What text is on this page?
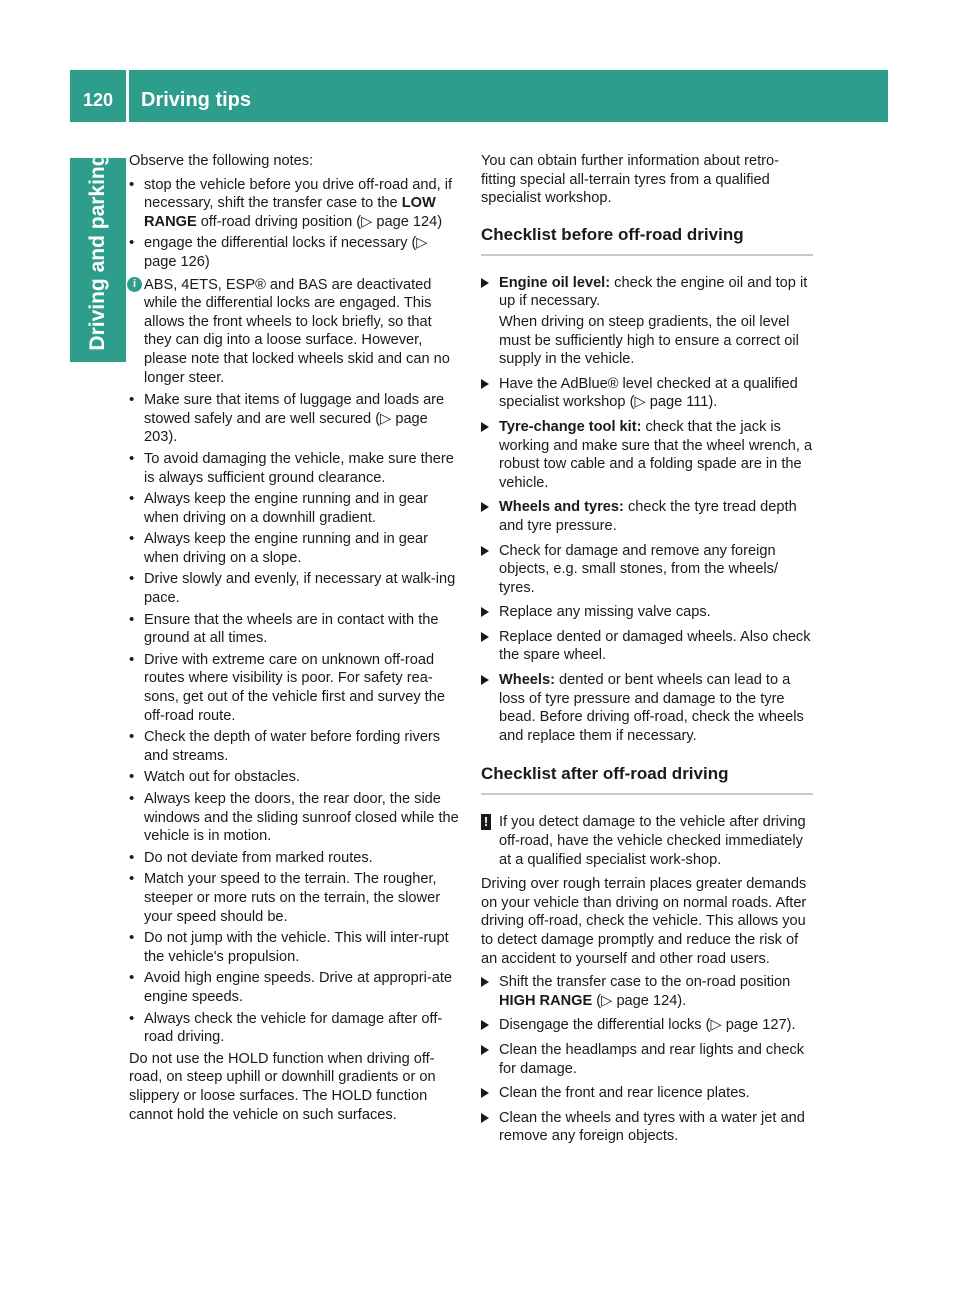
120	Driving tips
Driving and parking Observe the following notes:

• stop the vehicle before you drive off-road and, if necessary, shift the transfer case to the LOW RANGE off-road driving position (▷ page 124)
• engage the differential locks if necessary (▷ page 126)
i ABS, 4ETS, ESP® and BAS are deactivated while the differential locks are engaged. This allows the front wheels to lock briefly, so that they can dig into a loose surface. However, please note that locked wheels skid and can no longer steer.
• Make sure that items of luggage and loads are stowed safely and are well secured (▷ page 203).
• To avoid damaging the vehicle, make sure there is always sufficient ground clearance.
• Always keep the engine running and in gear when driving on a downhill gradient.
• Always keep the engine running and in gear when driving on a slope.
• Drive slowly and evenly, if necessary at walk-ing pace.
• Ensure that the wheels are in contact with the ground at all times.
• Drive with extreme care on unknown off-road routes where visibility is poor. For safety rea-sons, get out of the vehicle first and survey the off-road route.
• Check the depth of water before fording rivers and streams.
• Watch out for obstacles.
• Always keep the doors, the rear door, the side windows and the sliding sunroof closed while the vehicle is in motion.
• Do not deviate from marked routes.
• Match your speed to the terrain. The rougher, steeper or more ruts on the terrain, the slower your speed should be.
• Do not jump with the vehicle. This will inter-rupt the vehicle's propulsion.
• Avoid high engine speeds. Drive at appropri-ate engine speeds.
• Always check the vehicle for damage after off-road driving.

Do not use the HOLD function when driving off-road, on steep uphill or downhill gradients or on slippery or loose surfaces. The HOLD function cannot hold the vehicle on such surfaces.

You can obtain further information about retro-fitting special all-terrain tyres from a qualified specialist workshop.

Checklist before off-road driving
Engine oil level: check the engine oil and top it up if necessary.
When driving on steep gradients, the oil level must be sufficiently high to ensure a correct oil supply in the vehicle.
Have the AdBlue® level checked at a qualified specialist workshop (▷ page 111).
Tyre-change tool kit: check that the jack is working and make sure that the wheel wrench, a robust tow cable and a folding spade are in the vehicle.
Wheels and tyres: check the tyre tread depth and tyre pressure.
Check for damage and remove any foreign objects, e.g. small stones, from the wheels/ tyres.
Replace any missing valve caps.
Replace dented or damaged wheels. Also check the spare wheel.
Wheels: dented or bent wheels can lead to a loss of tyre pressure and damage to the tyre bead. Before driving off-road, check the wheels and replace them if necessary.
Checklist after off-road driving
! If you detect damage to the vehicle after driving off-road, have the vehicle checked immediately at a qualified specialist work-shop.

Driving over rough terrain places greater demands on your vehicle than driving on normal roads. After driving off-road, check the vehicle. This allows you to detect damage promptly and reduce the risk of an accident to yourself and other road users.

Shift the transfer case to the on-road position HIGH RANGE (▷ page 124).
Disengage the differential locks (▷ page 127).
Clean the headlamps and rear lights and check for damage.
Clean the front and rear licence plates.
Clean the wheels and tyres with a water jet and remove any foreign objects.
